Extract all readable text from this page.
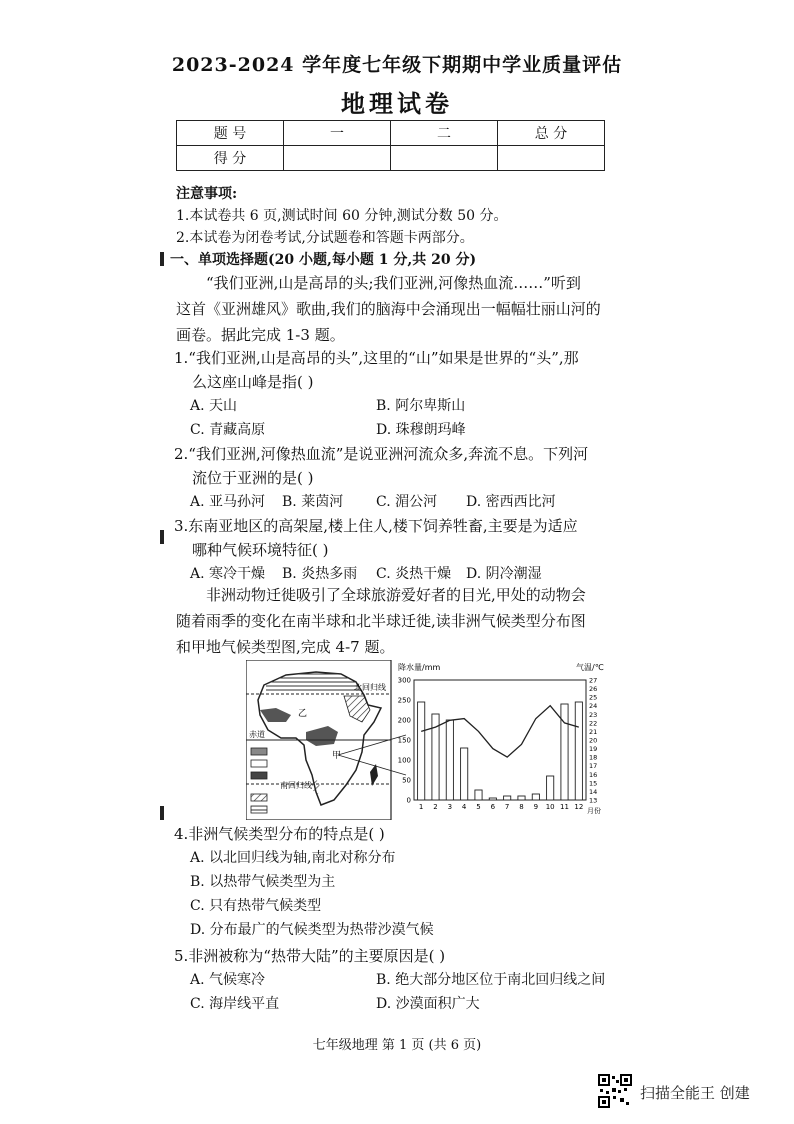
2023-2024 学年度七年级下期期中学业质量评估
地理试卷
题 号	一	二	总 分
得 分			
注意事项:
1.本试卷共 6 页,测试时间 60 分钟,测试分数 50 分。
2.本试卷为闭卷考试,分试题卷和答题卡两部分。
一、单项选择题(20 小题,每小题 1 分,共 20 分)
“我们亚洲,山是高昂的头;我们亚洲,河像热血流……”听到
这首《亚洲雄风》歌曲,我们的脑海中会涌现出一幅幅壮丽山河的
画卷。据此完成 1-3 题。
1.“我们亚洲,山是高昂的头”,这里的“山”如果是世界的“头”,那
么这座山峰是指( )
A. 天山	B. 阿尔卑斯山
C. 青藏高原	D. 珠穆朗玛峰
2.“我们亚洲,河像热血流”是说亚洲河流众多,奔流不息。下列河
流位于亚洲的是( )
A. 亚马孙河 B. 莱茵河 C. 湄公河 D. 密西西比河
3.东南亚地区的高架屋,楼上住人,楼下饲养牲畜,主要是为适应
哪种气候环境特征( )
A. 寒冷干燥 B. 炎热多雨 C. 炎热干燥 D. 阴冷潮湿
非洲动物迁徙吸引了全球旅游爱好者的目光,甲处的动物会
随着雨季的变化在南半球和北半球迁徙,读非洲气候类型分布图
和甲地气候类型图,完成 4-7 题。
北回归线
赤道
南回归线
乙
甲
降水量/mm	气温/℃
300
250
200
150
100
50
0
27
26
25
24
23
22
21
20
19
18
17
16
15
14
13
1 2 3 4 5 6 7 8 9 10 11 12 月份
4.非洲气候类型分布的特点是( )
A. 以北回归线为轴,南北对称分布
B. 以热带气候类型为主
C. 只有热带气候类型
D. 分布最广的气候类型为热带沙漠气候
5.非洲被称为“热带大陆”的主要原因是( )
A. 气候寒冷	B. 绝大部分地区位于南北回归线之间
C. 海岸线平直	D. 沙漠面积广大
七年级地理 第 1 页 (共 6 页)
扫描全能王 创建
